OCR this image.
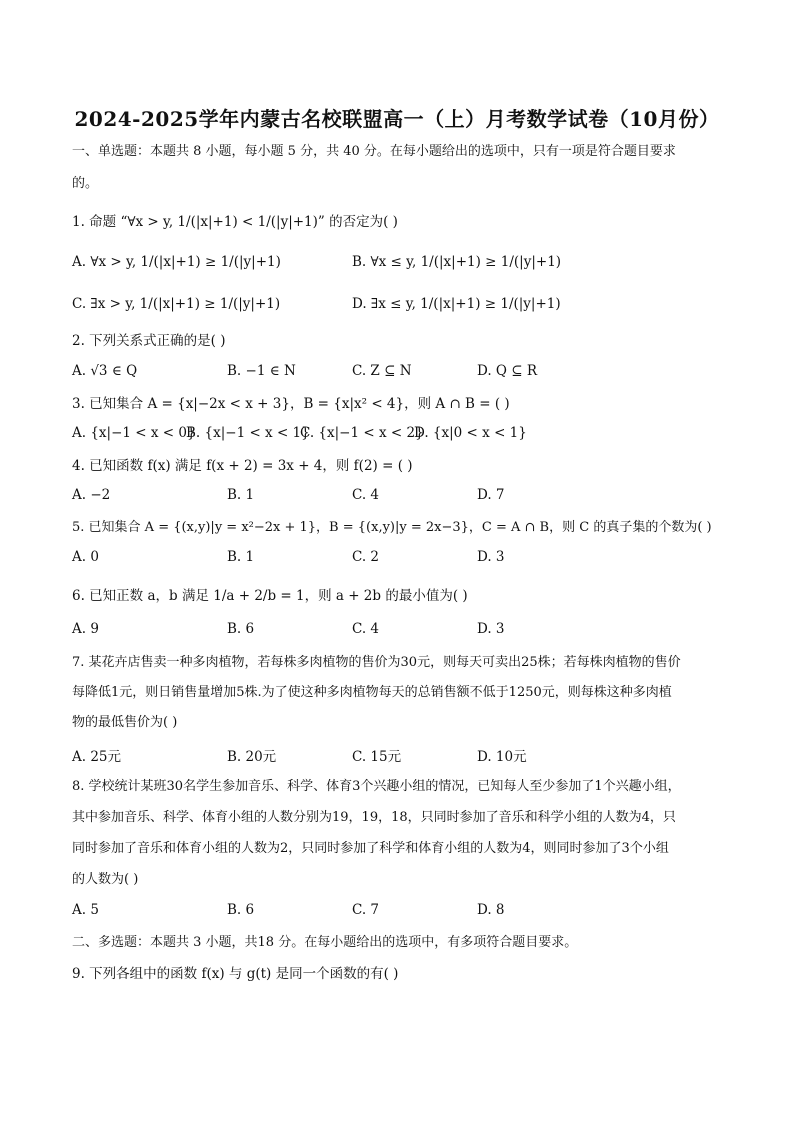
2024-2025学年内蒙古名校联盟高一（上）月考数学试卷（10月份）
一、单选题：本题共 8 小题，每小题 5 分，共 40 分。在每小题给出的选项中，只有一项是符合题目要求
的。
1. 命题 “∀x > y, 1/(|x|+1) < 1/(|y|+1)” 的否定为( )
A. ∀x > y, 1/(|x|+1) ≥ 1/(|y|+1)	B. ∀x ≤ y, 1/(|x|+1) ≥ 1/(|y|+1)
C. ∃x > y, 1/(|x|+1) ≥ 1/(|y|+1)	D. ∃x ≤ y, 1/(|x|+1) ≥ 1/(|y|+1)
2. 下列关系式正确的是( )
A. √3 ∈ Q	B. −1 ∈ N	C. Z ⊆ N	D. Q ⊆ R
3. 已知集合 A = {x|−2x < x + 3}，B = {x|x² < 4}，则 A ∩ B = ( )
A. {x|−1 < x < 0}
B. {x|−1 < x < 1}
C. {x|−1 < x < 2}
D. {x|0 < x < 1}
4. 已知函数 f(x) 满足 f(x + 2) = 3x + 4，则 f(2) = ( )
A. −2	B. 1	C. 4	D. 7
5. 已知集合 A = {(x,y)|y = x²−2x + 1}，B = {(x,y)|y = 2x−3}，C = A ∩ B，则 C 的真子集的个数为( )
A. 0	B. 1	C. 2	D. 3
6. 已知正数 a，b 满足 1/a + 2/b = 1，则 a + 2b 的最小值为( )
A. 9	B. 6	C. 4	D. 3
7. 某花卉店售卖一种多肉植物，若每株多肉植物的售价为30元，则每天可卖出25株；若每株肉植物的售价
每降低1元，则日销售量增加5株.为了使这种多肉植物每天的总销售额不低于1250元，则每株这种多肉植
物的最低售价为( )
A. 25元	B. 20元	C. 15元	D. 10元
8. 学校统计某班30名学生参加音乐、科学、体育3个兴趣小组的情况，已知每人至少参加了1个兴趣小组，
其中参加音乐、科学、体育小组的人数分别为19，19，18，只同时参加了音乐和科学小组的人数为4，只
同时参加了音乐和体育小组的人数为2，只同时参加了科学和体育小组的人数为4，则同时参加了3个小组
的人数为( )
A. 5	B. 6	C. 7	D. 8
二、多选题：本题共 3 小题，共18 分。在每小题给出的选项中，有多项符合题目要求。
9. 下列各组中的函数 f(x) 与 g(t) 是同一个函数的有( )
